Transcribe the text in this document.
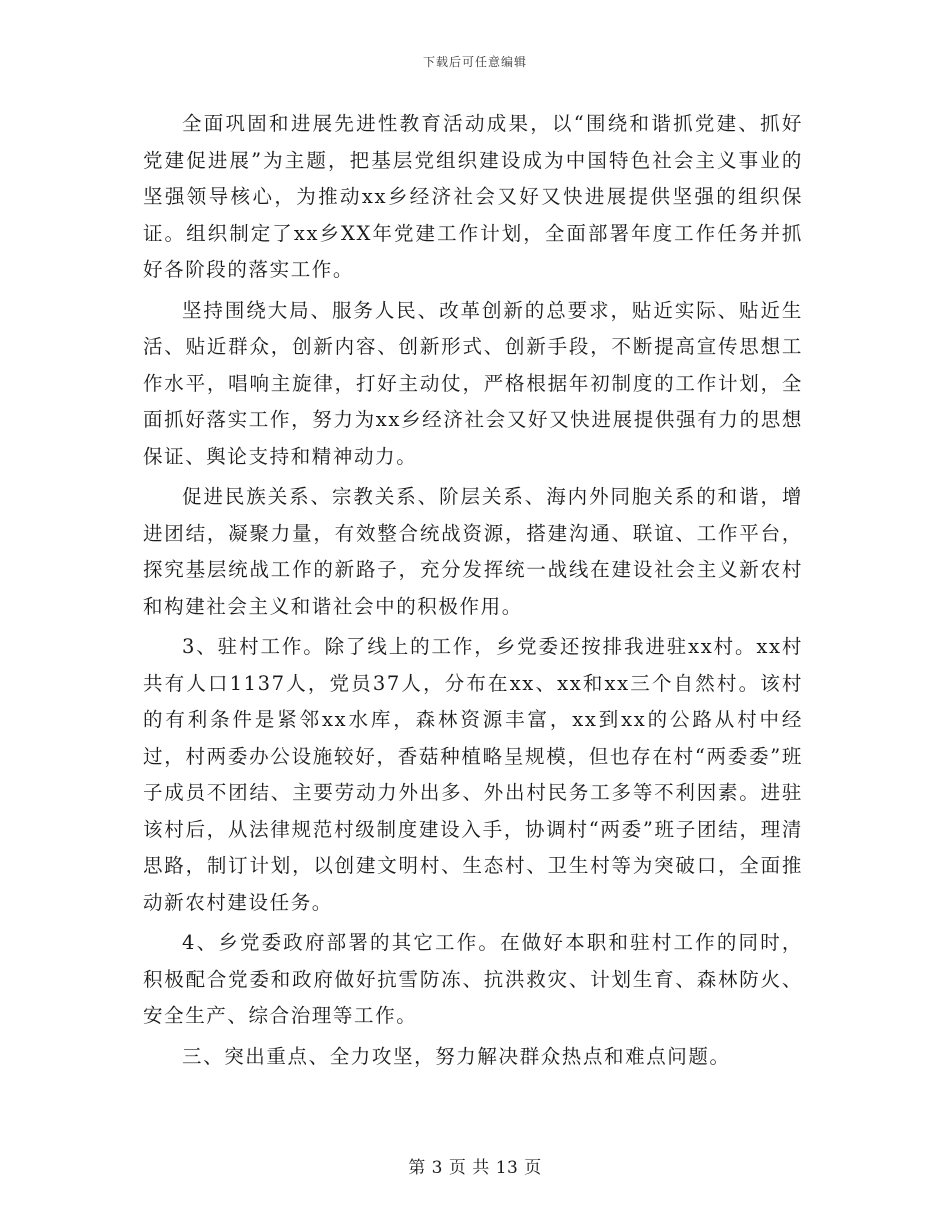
下载后可任意编辑

全面巩固和进展先进性教育活动成果，以“围绕和谐抓党建、抓好党建促进展”为主题，把基层党组织建设成为中国特色社会主义事业的坚强领导核心，为推动xx乡经济社会又好又快进展提供坚强的组织保证。组织制定了xx乡XX年党建工作计划，全面部署年度工作任务并抓好各阶段的落实工作。

坚持围绕大局、服务人民、改革创新的总要求，贴近实际、贴近生活、贴近群众，创新内容、创新形式、创新手段，不断提高宣传思想工作水平，唱响主旋律，打好主动仗，严格根据年初制度的工作计划，全面抓好落实工作，努力为xx乡经济社会又好又快进展提供强有力的思想保证、舆论支持和精神动力。

促进民族关系、宗教关系、阶层关系、海内外同胞关系的和谐，增进团结，凝聚力量，有效整合统战资源，搭建沟通、联谊、工作平台，探究基层统战工作的新路子，充分发挥统一战线在建设社会主义新农村和构建社会主义和谐社会中的积极作用。

3、驻村工作。除了线上的工作，乡党委还按排我进驻xx村。xx村共有人口1137人，党员37人，分布在xx、xx和xx三个自然村。该村的有利条件是紧邻xx水库，森林资源丰富，xx到xx的公路从村中经过，村两委办公设施较好，香菇种植略呈规模，但也存在村“两委委”班子成员不团结、主要劳动力外出多、外出村民务工多等不利因素。进驻该村后，从法律规范村级制度建设入手，协调村“两委”班子团结，理清思路，制订计划，以创建文明村、生态村、卫生村等为突破口，全面推动新农村建设任务。

4、乡党委政府部署的其它工作。在做好本职和驻村工作的同时，积极配合党委和政府做好抗雪防冻、抗洪救灾、计划生育、森林防火、安全生产、综合治理等工作。

三、突出重点、全力攻坚，努力解决群众热点和难点问题。

第 3 页 共 13 页
